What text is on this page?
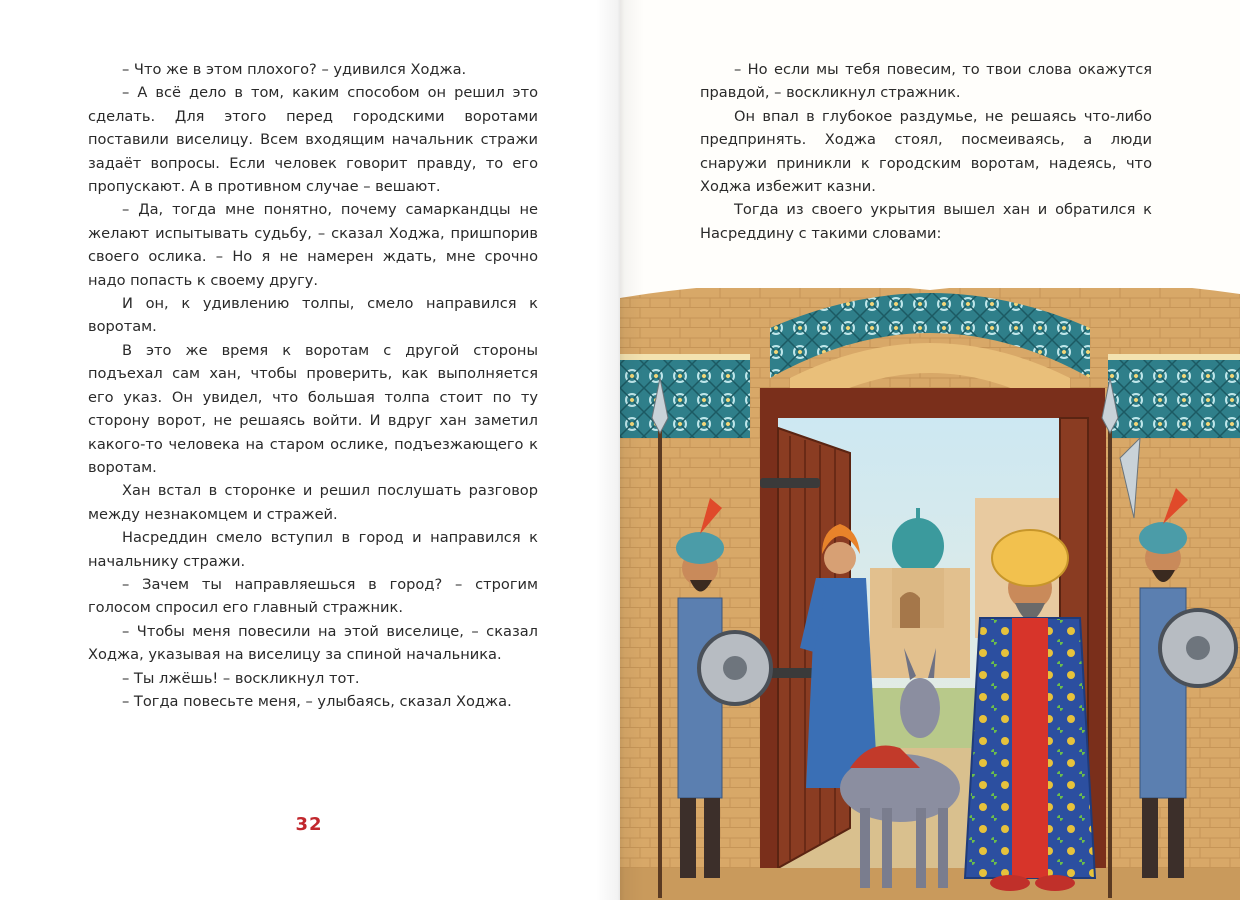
– Что же в этом плохого? – удивился Ходжа.

– А всё дело в том, каким способом он решил это сделать. Для этого перед городскими воротами поставили виселицу. Всем входящим начальник стражи задаёт вопросы. Если человек говорит правду, то его пропускают. А в противном случае – вешают.

– Да, тогда мне понятно, почему самаркандцы не желают испытывать судьбу, – сказал Ходжа, пришпорив своего ослика. – Но я не намерен ждать, мне срочно надо попасть к своему другу.

И он, к удивлению толпы, смело направился к воротам.

В это же время к воротам с другой стороны подъехал сам хан, чтобы проверить, как выполняется его указ. Он увидел, что большая толпа стоит по ту сторону ворот, не решаясь войти. И вдруг хан заметил какого-то человека на старом ослике, подъезжающего к воротам.

Хан встал в сторонке и решил послушать разговор между незнакомцем и стражей.

Насреддин смело вступил в город и направился к начальнику стражи.

– Зачем ты направляешься в город? – строгим голосом спросил его главный стражник.

– Чтобы меня повесили на этой виселице, – сказал Ходжа, указывая на виселицу за спиной начальника.

– Ты лжёшь! – воскликнул тот.

– Тогда повесьте меня, – улыбаясь, сказал Ходжа.

32

– Но если мы тебя повесим, то твои слова окажутся правдой, – воскликнул стражник.

Он впал в глубокое раздумье, не решаясь что-либо предпринять. Ходжа стоял, посмеиваясь, а люди снаружи приникли к городским воротам, надеясь, что Ходжа избежит казни.

Тогда из своего укрытия вышел хан и обратился к Насреддину с такими словами:
